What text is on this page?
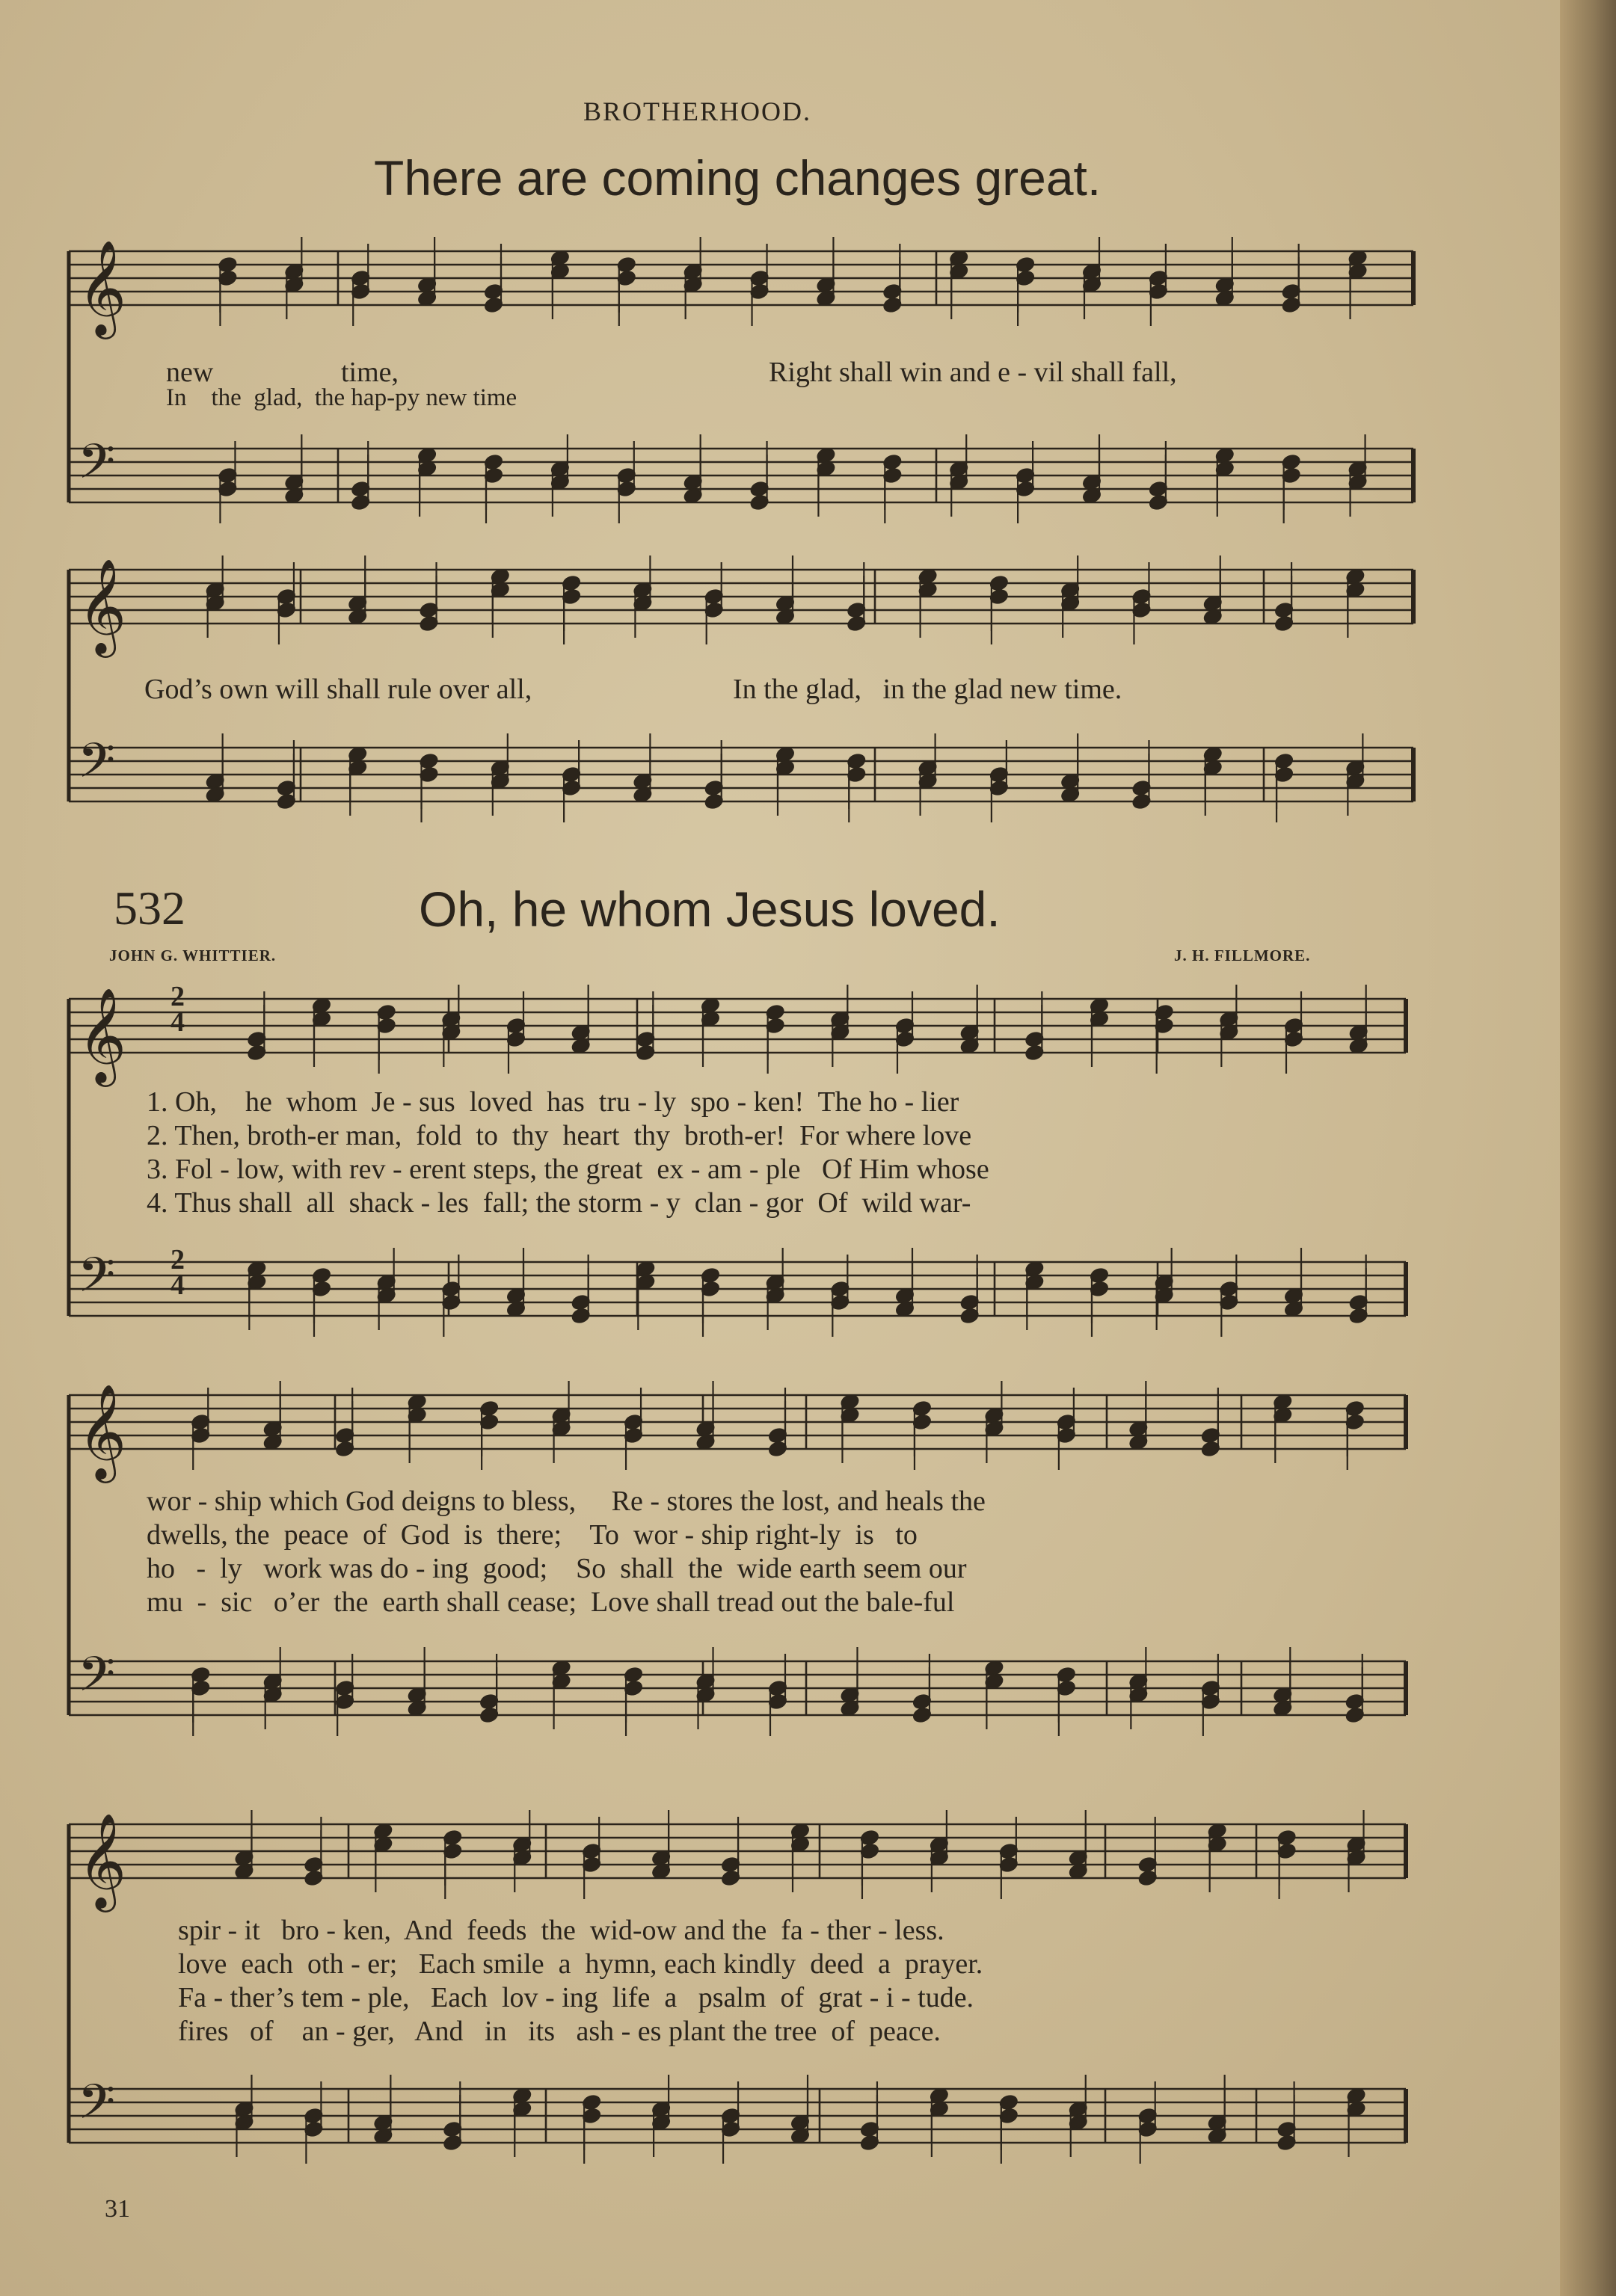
𝄞
𝄢
𝄞
𝄢
𝄞
𝄢
𝄞
𝄢
𝄞
𝄢
BROTHERHOOD.
There are coming changes great.
new	time,	Right shall win and e - vil shall fall,
In    the  glad,  the hap-py new time
God’s own will shall rule over all,	In the glad,   in the glad new time.
532	Oh, he whom Jesus loved.
JOHN G. WHITTIER.	J. H. FILLMORE.
2
4
2
4
1. Oh,    he  whom  Je - sus  loved  has  tru - ly  spo - ken!  The ho - lier
2. Then, broth-er man,  fold  to  thy  heart  thy  broth-er!  For where love
3. Fol - low, with rev - erent steps, the great  ex - am - ple   Of Him whose
4. Thus shall  all  shack - les  fall; the storm - y  clan - gor  Of  wild war-
wor - ship which God deigns to bless,     Re - stores the lost, and heals the
dwells, the  peace  of  God  is  there;    To  wor - ship right-ly  is   to
ho   -  ly   work was do - ing  good;    So  shall  the  wide earth seem our
mu  -  sic   o’er  the  earth shall cease;  Love shall tread out the bale-ful
spir - it   bro - ken,  And  feeds  the  wid-ow and the  fa - ther - less.
love  each  oth - er;   Each smile  a  hymn, each kindly  deed  a  prayer.
Fa - ther’s tem - ple,   Each  lov - ing  life  a   psalm  of  grat - i - tude.
fires   of    an - ger,   And   in   its   ash - es plant the tree  of  peace.
31
